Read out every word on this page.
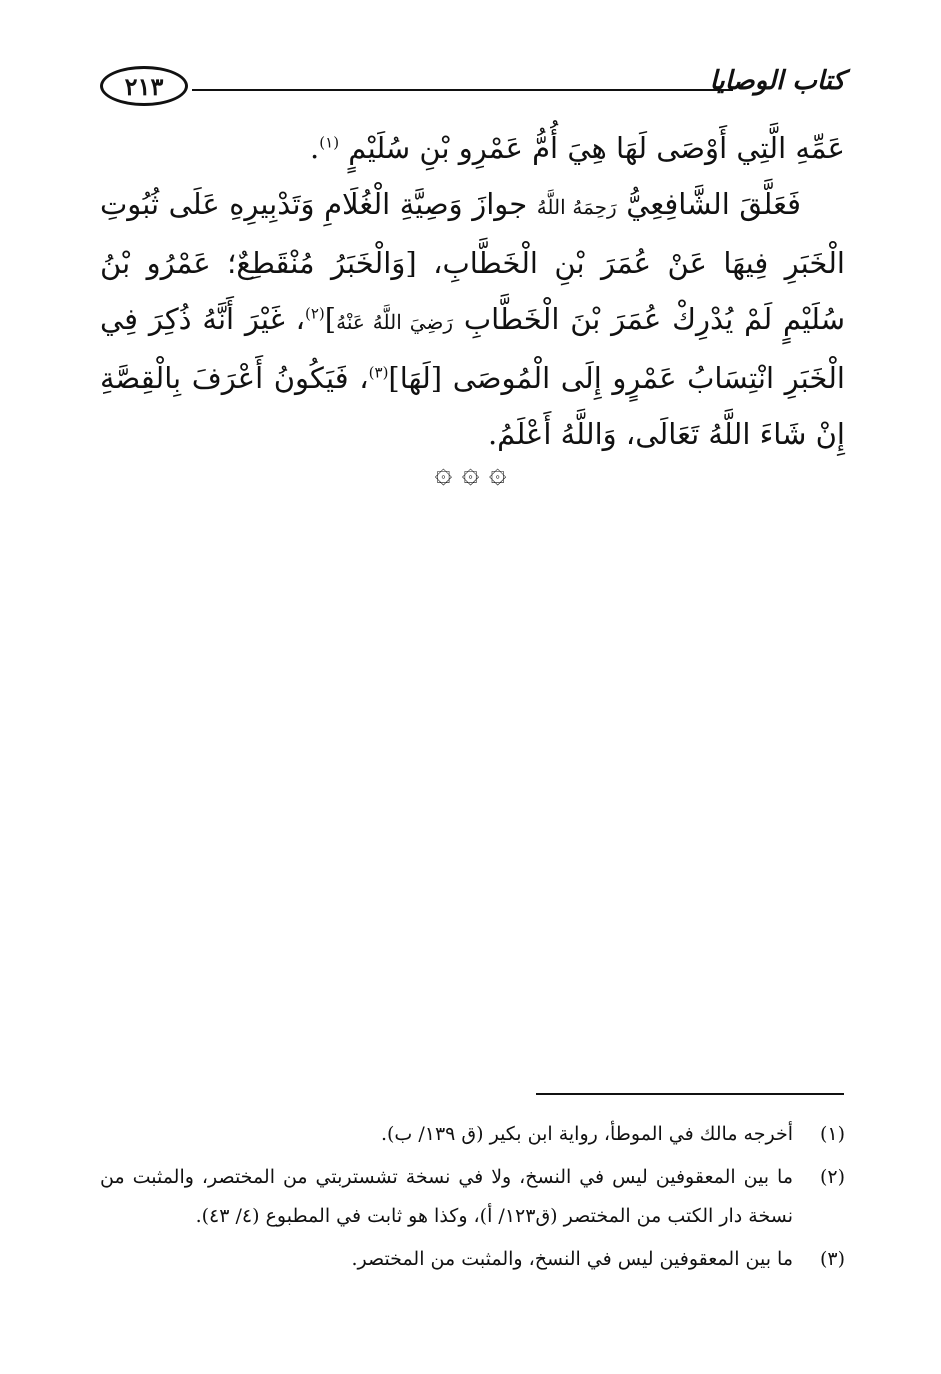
٢١٣	كتاب الوصايا

عَمِّهِ الَّتِي أَوْصَى لَهَا هِيَ أُمُّ عَمْرِو بْنِ سُلَيْمٍ $^{(١)}$.

فَعَلَّقَ الشَّافِعِيُّ رَحِمَهُ اللَّهُ جوازَ وَصِيَّةِ الْغُلَامِ وَتَدْبِيرِهِ عَلَى ثُبُوتِ الْخَبَرِ فِيهَا عَنْ عُمَرَ بْنِ الْخَطَّابِ، [وَالْخَبَرُ مُنْقَطِعٌ؛ عَمْرُو بْنُ سُلَيْمٍ لَمْ يُدْرِكْ عُمَرَ بْنَ الْخَطَّابِ رَضِيَ اللَّهُ عَنْهُ]$^{(٢)}$، غَيْرَ أَنَّهُ ذُكِرَ فِي الْخَبَرِ انْتِسَابُ عَمْرٍو إِلَى الْمُوصَى [لَهَا]$^{(٣)}$، فَيَكُونُ أَعْرَفَ بِالْقِصَّةِ إِنْ شَاءَ اللَّهُ تَعَالَى، وَاللَّهُ أَعْلَمُ.

۞ ۞ ۞
(١)
أخرجه مالك في الموطأ، رواية ابن بكير (ق ١٣٩/ ب).
(٢)
ما بين المعقوفين ليس في النسخ، ولا في نسخة تشستربتي من المختصر، والمثبت من نسخة دار الكتب من المختصر (ق١٢٣/ أ)، وكذا هو ثابت في المطبوع (٤/ ٤٣).
(٣)
ما بين المعقوفين ليس في النسخ، والمثبت من المختصر.
